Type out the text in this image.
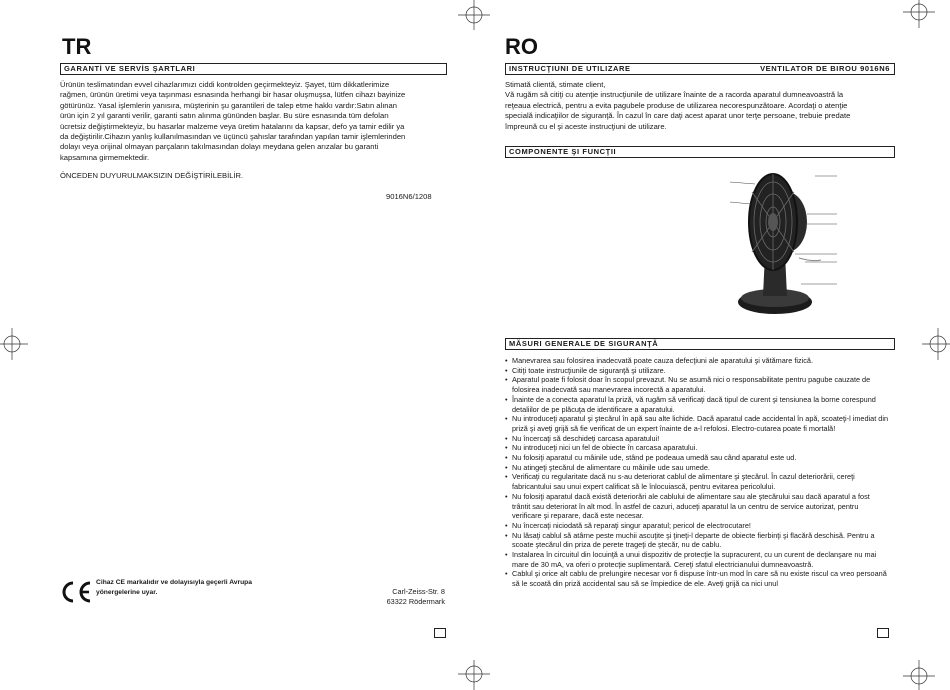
TR
GARANTİ VE SERVİS ŞARTLARI
Ürünün teslimatından evvel cihazlarımızı ciddi kontrolden geçirmekteyiz. Şayet, tüm dikkatlerimize
rağmen, ürünün üretimi veya taşınması esnasında herhangi bir hasar oluşmuşsa, lütfen cihazı bayinize
götürünüz. Yasal işlemlerin yanısıra, müşterinin şu garantileri de talep etme hakkı vardır:Satın alınan
ürün için 2 yıl garanti verilir, garanti satın alınma gününden başlar. Bu süre esnasında tüm defoları
ücretsiz değiştirmekteyiz, bu hasarlar malzeme veya üretim hatalarını da kapsar, defo ya tamir edilir ya
da değiştirilir.Cihazın yanlış kullanılmasından ve üçüncü şahıslar tarafından yapılan tamir işlemlerinden
dolayı veya orijinal olmayan parçaların takılmasından dolayı meydana gelen arızalar bu garanti
kapsamına girmemektedir.
ÖNCEDEN DUYURULMAKSIZIN DEĞİŞTİRİLEBİLİR.
9016N6/1208
Cihaz CE markalıdır ve dolayısıyla geçerli Avrupa
yönergelerine uyar.	Carl-Zeiss-Str. 8
63322 Rödermark
RO
INSTRUCŢIUNI DE UTILIZARE	VENTILATOR DE BIROU 9016N6
Stimată clientă, stimate client,
Vă rugăm să citiţi cu atenţie instrucţiunile de utilizare înainte de a racorda aparatul dumneavoastră la
reţeaua electrică, pentru a evita pagubele produse de utilizarea necorespunzătoare. Acordaţi o atenţie
specială indicaţiilor de siguranţă. În cazul în care daţi acest aparat unor terţe persoane, trebuie predate
împreună cu el şi aceste instrucţiuni de utilizare.
COMPONENTE ŞI FUNCŢII
MĂSURI GENERALE DE SIGURANŢĂ
• Manevrarea sau folosirea inadecvată poate cauza defecţiuni ale aparatului şi vătămare fizică.
• Citiţi toate instrucţiunile de siguranţă şi utilizare.
• Aparatul poate fi folosit doar în scopul prevazut. Nu se asumă nici o responsabilitate pentru pagube cauzate de folosirea inadecvată sau manevrarea incorectă a aparatului.
• Înainte de a conecta aparatul la priză, vă rugăm să verificaţi dacă tipul de curent şi tensiunea la borne corespund detaliilor de pe plăcuţa de identificare a aparatului.
• Nu introduceţi aparatul şi ştecărul în apă sau alte lichide. Dacă aparatul cade accidental în apă, scoateţi-l imediat din priză şi aveţi grijă să fie verificat de un expert înainte de a-l refolosi. Electro-cutarea poate fi mortală!
• Nu încercaţi să deschideţi carcasa aparatului!
• Nu introduceţi nici un fel de obiecte în carcasa aparatului.
• Nu folosiţi aparatul cu mâinile ude, stând pe podeaua umedă sau când aparatul este ud.
• Nu atingeţi ştecărul de alimentare cu mâinile ude sau umede.
• Verificaţi cu regularitate dacă nu s-au deteriorat cablul de alimentare şi ştecărul. În cazul deteriorării, cereţi fabricantului sau unui expert calificat să le înlocuiască, pentru evitarea pericolului.
• Nu folosiţi aparatul dacă există deteriorări ale cablului de alimentare sau ale ştecărului sau dacă aparatul a fost trântit sau deteriorat în alt mod. În astfel de cazuri, aduceţi aparatul la un centru de service autorizat, pentru verificare şi reparare, dacă este necesar.
• Nu încercaţi niciodată să reparaţi singur aparatul; pericol de electrocutare!
• Nu lăsaţi cablul să atârne peste muchii ascuţite şi ţineţi-l departe de obiecte fierbinţi şi flacără deschisă. Pentru a scoate ştecărul din priza de perete trageţi de ştecăr, nu de cablu.
• Instalarea în circuitul din locuinţă a unui dispozitiv de protecţie la supracurent, cu un curent de declanşare nu mai mare de 30 mA, va oferi o protecţie suplimentară. Cereţi sfatul electricianului dumneavoastră.
• Cablul şi orice alt cablu de prelungire necesar vor fi dispuse într-un mod în care să nu existe riscul ca vreo persoană să le scoată din priză accidental sau să se împiedice de ele. Aveţi grijă ca nici unul
